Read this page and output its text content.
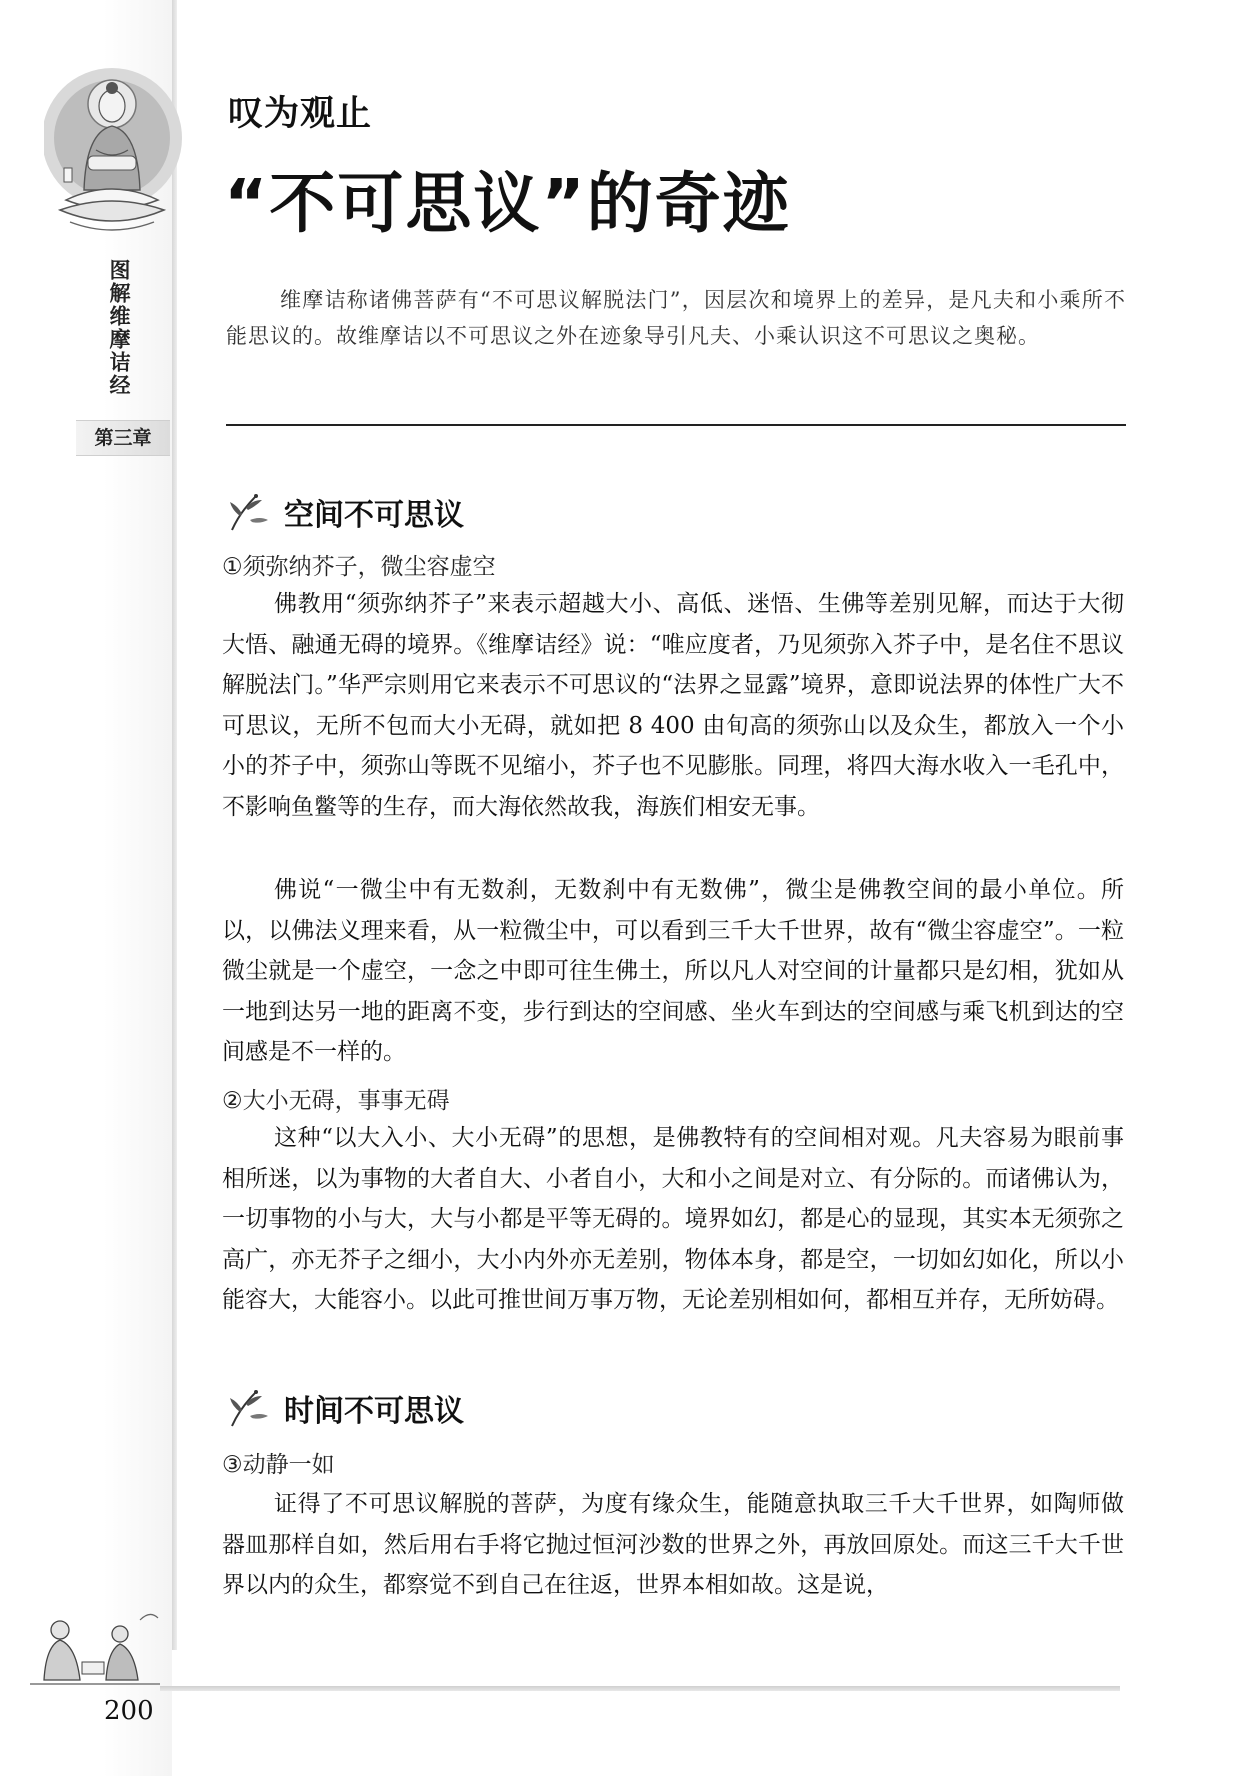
图解维摩诘经
第三章
叹为观止
“不可思议”的奇迹
维摩诘称诸佛菩萨有“不可思议解脱法门”，因层次和境界上的差异，是凡夫和小乘所不能思议的。故维摩诘以不可思议之外在迹象导引凡夫、小乘认识这不可思议之奥秘。
空间不可思议
①须弥纳芥子，微尘容虚空
佛教用“须弥纳芥子”来表示超越大小、高低、迷悟、生佛等差别见解，而达于大彻大悟、融通无碍的境界。《维摩诘经》说：“唯应度者，乃见须弥入芥子中，是名住不思议解脱法门。”华严宗则用它来表示不可思议的“法界之显露”境界，意即说法界的体性广大不可思议，无所不包而大小无碍，就如把 8 400 由旬高的须弥山以及众生，都放入一个小小的芥子中，须弥山等既不见缩小，芥子也不见膨胀。同理，将四大海水收入一毛孔中，不影响鱼鳖等的生存，而大海依然故我，海族们相安无事。
佛说“一微尘中有无数刹，无数刹中有无数佛”，微尘是佛教空间的最小单位。所以，以佛法义理来看，从一粒微尘中，可以看到三千大千世界，故有“微尘容虚空”。一粒微尘就是一个虚空，一念之中即可往生佛土，所以凡人对空间的计量都只是幻相，犹如从一地到达另一地的距离不变，步行到达的空间感、坐火车到达的空间感与乘飞机到达的空间感是不一样的。
②大小无碍，事事无碍
这种“以大入小、大小无碍”的思想，是佛教特有的空间相对观。凡夫容易为眼前事相所迷，以为事物的大者自大、小者自小，大和小之间是对立、有分际的。而诸佛认为，一切事物的小与大，大与小都是平等无碍的。境界如幻，都是心的显现，其实本无须弥之高广，亦无芥子之细小，大小内外亦无差别，物体本身，都是空，一切如幻如化，所以小能容大，大能容小。以此可推世间万事万物，无论差别相如何，都相互并存，无所妨碍。
时间不可思议
③动静一如
证得了不可思议解脱的菩萨，为度有缘众生，能随意执取三千大千世界，如陶师做器皿那样自如，然后用右手将它抛过恒河沙数的世界之外，再放回原处。而这三千大千世界以内的众生，都察觉不到自己在往返，世界本相如故。这是说，
200
